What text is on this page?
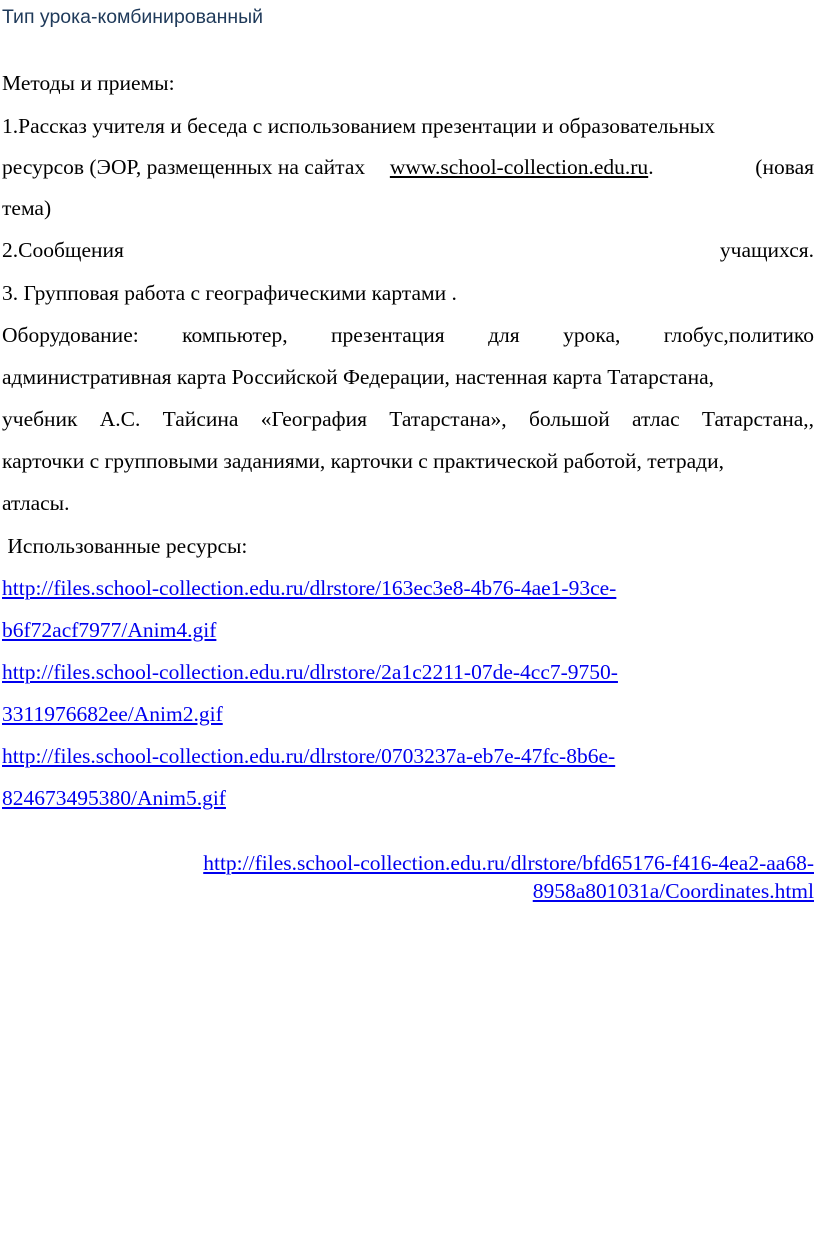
Тип урока-комбинированный
Методы и приемы:
1.Рассказ учителя и беседа с использованием презентации и образовательных
ресурсов (ЭОР, размещенных на сайтах www.school-collection.edu.ru.	(новая
тема)
2.Сообщения	учащихся.
3. Групповая работа с географическими картами .
Оборудование: компьютер, презентация для урока, глобус,политико
административная карта Российской Федерации, настенная карта Татарстана,
учебник А.С. Тайсина «География Татарстана», большой атлас Татарстана,,
карточки с групповыми заданиями, карточки с практической работой, тетради,
атласы.
Использованные ресурсы:
http://files.school-collection.edu.ru/dlrstore/163ec3e8-4b76-4ae1-93ce-
b6f72acf7977/Anim4.gif
http://files.school-collection.edu.ru/dlrstore/2a1c2211-07de-4cc7-9750-
3311976682ee/Anim2.gif
http://files.school-collection.edu.ru/dlrstore/0703237a-eb7e-47fc-8b6e-
824673495380/Anim5.gif
http://files.school-collection.edu.ru/dlrstore/bfd65176-f416-4ea2-aa68-
8958a801031a/Coordinates.html
